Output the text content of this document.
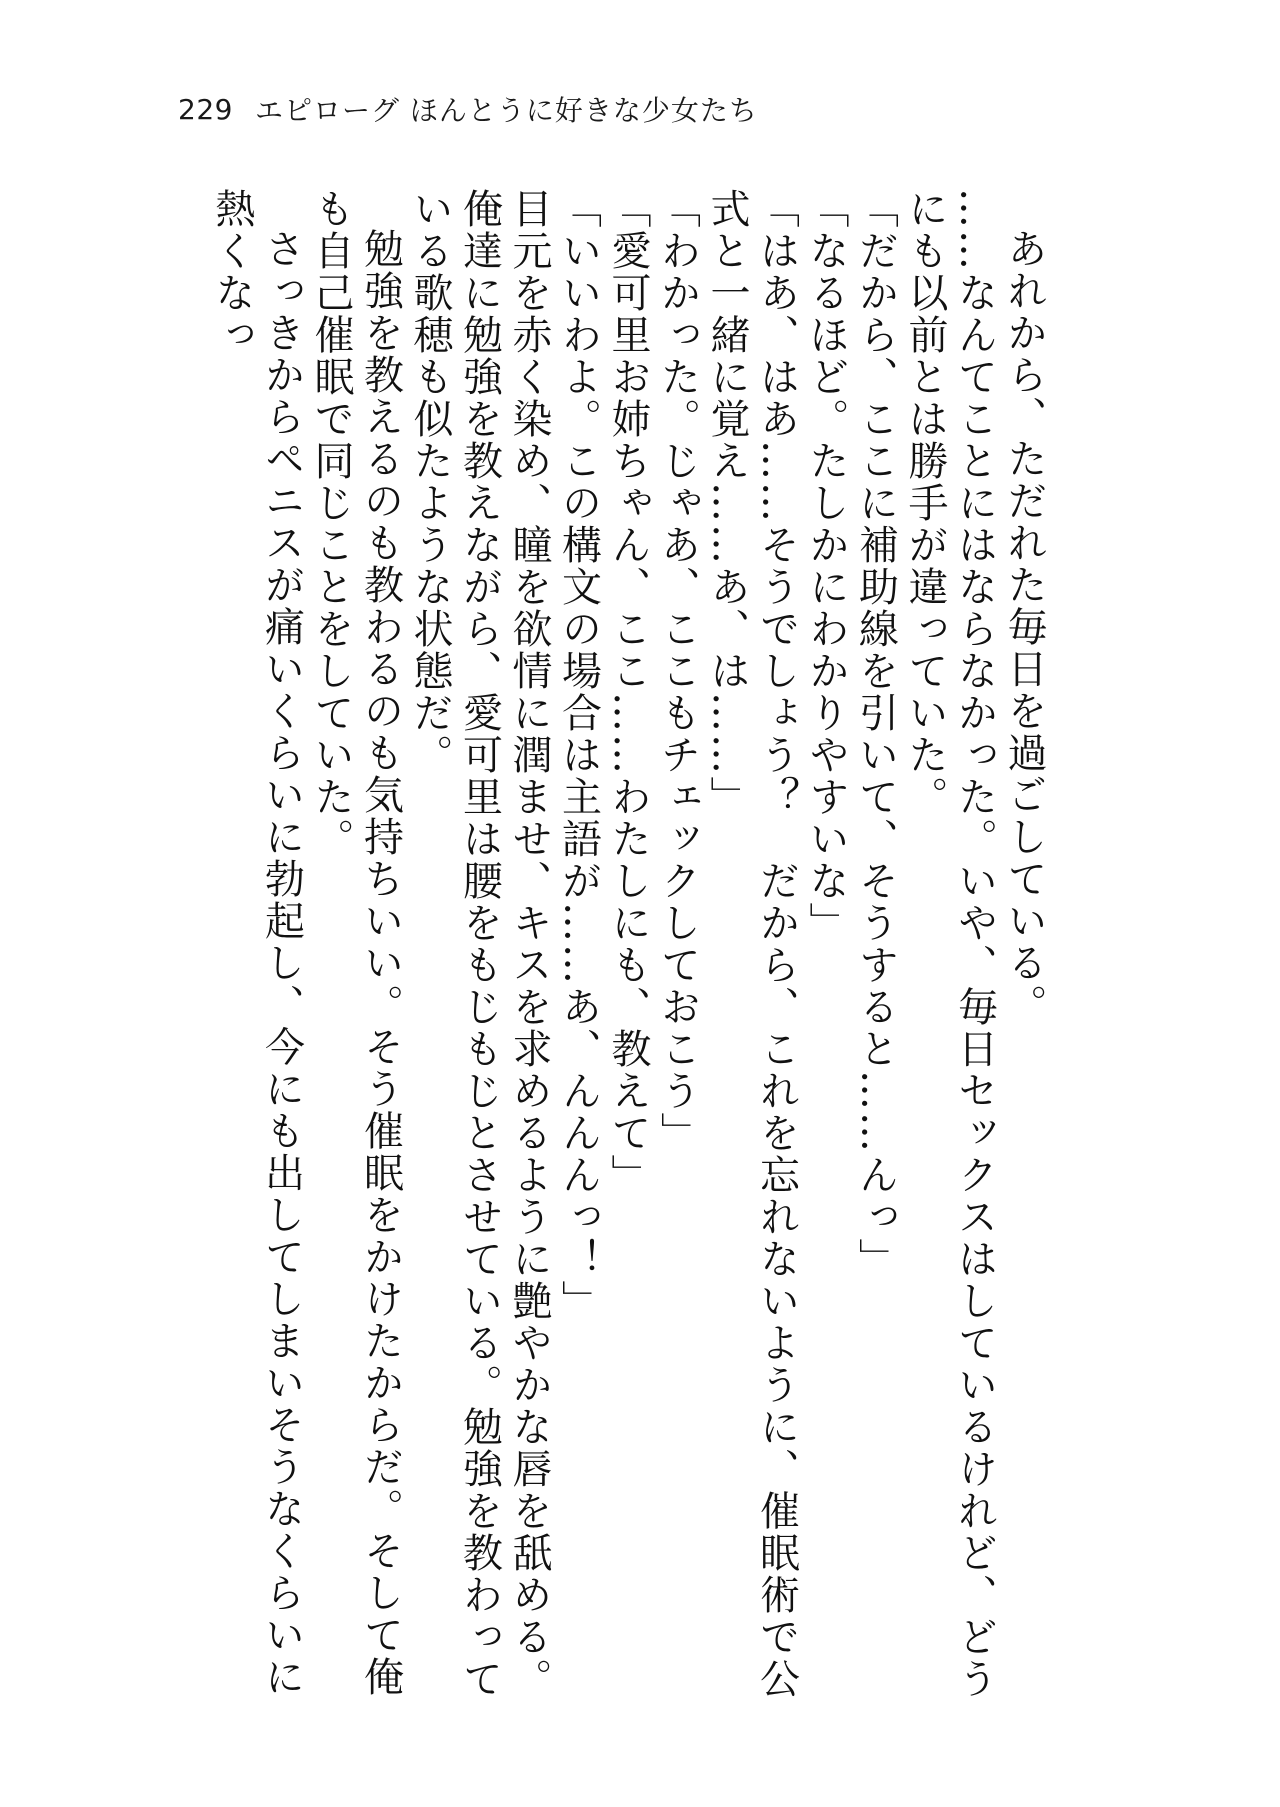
229 エピローグ ほんとうに好きな少女たち

あれから、ただれた毎日を過ごしている。

……なんてことにはならなかった。いや、毎日セックスはしているけれど、どうにも以前とは勝手が違っていた。

「だから、ここに補助線を引いて、そうすると……んっ」

「なるほど。たしかにわかりやすいな」

「はあ、はあ……そうでしょう？　だから、これを忘れないように、催眠術で公式と一緒に覚え……あ、は……」

「わかった。じゃあ、ここもチェックしておこう」

「愛可里お姉ちゃん、ここ……わたしにも、教えて」

「いいわよ。この構文の場合は主語が……あ、んんんっ！」

目元を赤く染め、瞳を欲情に潤ませ、キスを求めるように艶やかな唇を舐める。

俺達に勉強を教えながら、愛可里は腰をもじもじとさせている。勉強を教わっている歌穂も似たような状態だ。

勉強を教えるのも教わるのも気持ちいい。そう催眠をかけたからだ。そして俺も自己催眠で同じことをしていた。

さっきからペニスが痛いくらいに勃起し、今にも出してしまいそうなくらいに熱くなっ
